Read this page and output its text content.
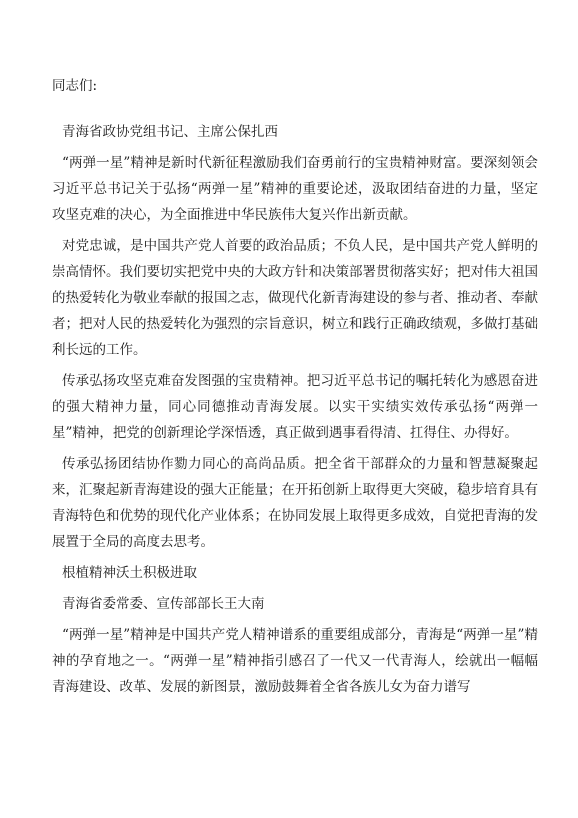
同志们:
青海省政协党组书记、主席公保扎西
“两弹一星”精神是新时代新征程激励我们奋勇前行的宝贵精神财富。要深刻领会习近平总书记关于弘扬“两弹一星”精神的重要论述，汲取团结奋进的力量，坚定攻坚克难的决心，为全面推进中华民族伟大复兴作出新贡献。
对党忠诚，是中国共产党人首要的政治品质；不负人民，是中国共产党人鲜明的崇高情怀。我们要切实把党中央的大政方针和决策部署贯彻落实好；把对伟大祖国的热爱转化为敬业奉献的报国之志，做现代化新青海建设的参与者、推动者、奉献者；把对人民的热爱转化为强烈的宗旨意识，树立和践行正确政绩观，多做打基础利长远的工作。
传承弘扬攻坚克难奋发图强的宝贵精神。把习近平总书记的嘱托转化为感恩奋进的强大精神力量，同心同德推动青海发展。以实干实绩实效传承弘扬“两弹一星”精神，把党的创新理论学深悟透，真正做到遇事看得清、扛得住、办得好。
传承弘扬团结协作勠力同心的高尚品质。把全省干部群众的力量和智慧凝聚起来，汇聚起新青海建设的强大正能量；在开拓创新上取得更大突破，稳步培育具有青海特色和优势的现代化产业体系；在协同发展上取得更多成效，自觉把青海的发展置于全局的高度去思考。
根植精神沃土积极进取
青海省委常委、宣传部部长王大南
“两弹一星”精神是中国共产党人精神谱系的重要组成部分，青海是“两弹一星”精神的孕育地之一。“两弹一星”精神指引感召了一代又一代青海人，绘就出一幅幅青海建设、改革、发展的新图景，激励鼓舞着全省各族儿女为奋力谱写
